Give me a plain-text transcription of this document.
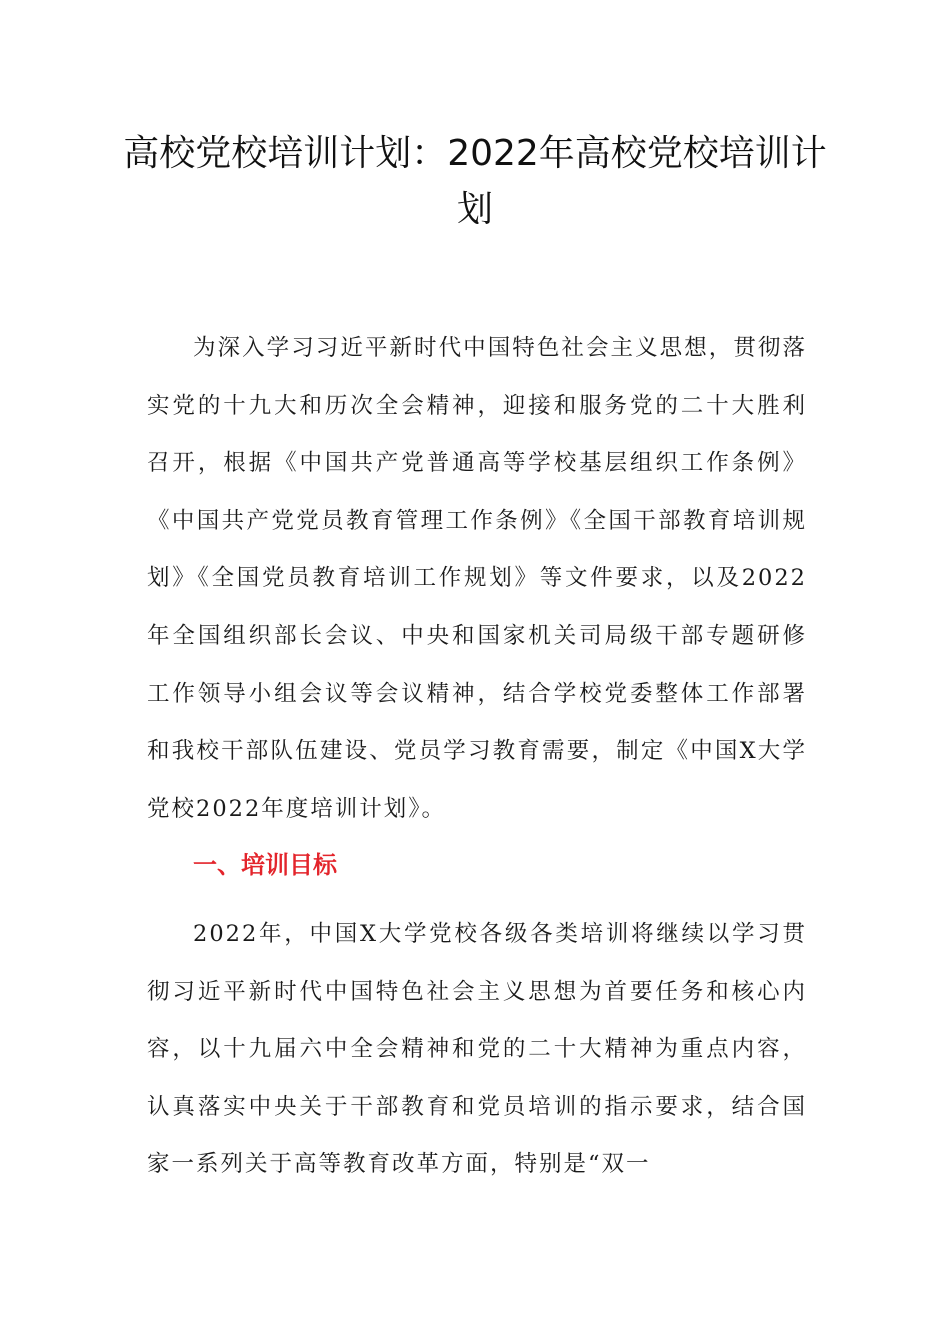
高校党校培训计划：2022年高校党校培训计划

为深入学习习近平新时代中国特色社会主义思想，贯彻落实党的十九大和历次全会精神，迎接和服务党的二十大胜利召开，根据《中国共产党普通高等学校基层组织工作条例》《中国共产党党员教育管理工作条例》《全国干部教育培训规划》《全国党员教育培训工作规划》等文件要求，以及2022年全国组织部长会议、中央和国家机关司局级干部专题研修工作领导小组会议等会议精神，结合学校党委整体工作部署和我校干部队伍建设、党员学习教育需要，制定《中国X大学党校2022年度培训计划》。

一、培训目标

2022年，中国X大学党校各级各类培训将继续以学习贯彻习近平新时代中国特色社会主义思想为首要任务和核心内容，以十九届六中全会精神和党的二十大精神为重点内容，认真落实中央关于干部教育和党员培训的指示要求，结合国家一系列关于高等教育改革方面，特别是“双一
